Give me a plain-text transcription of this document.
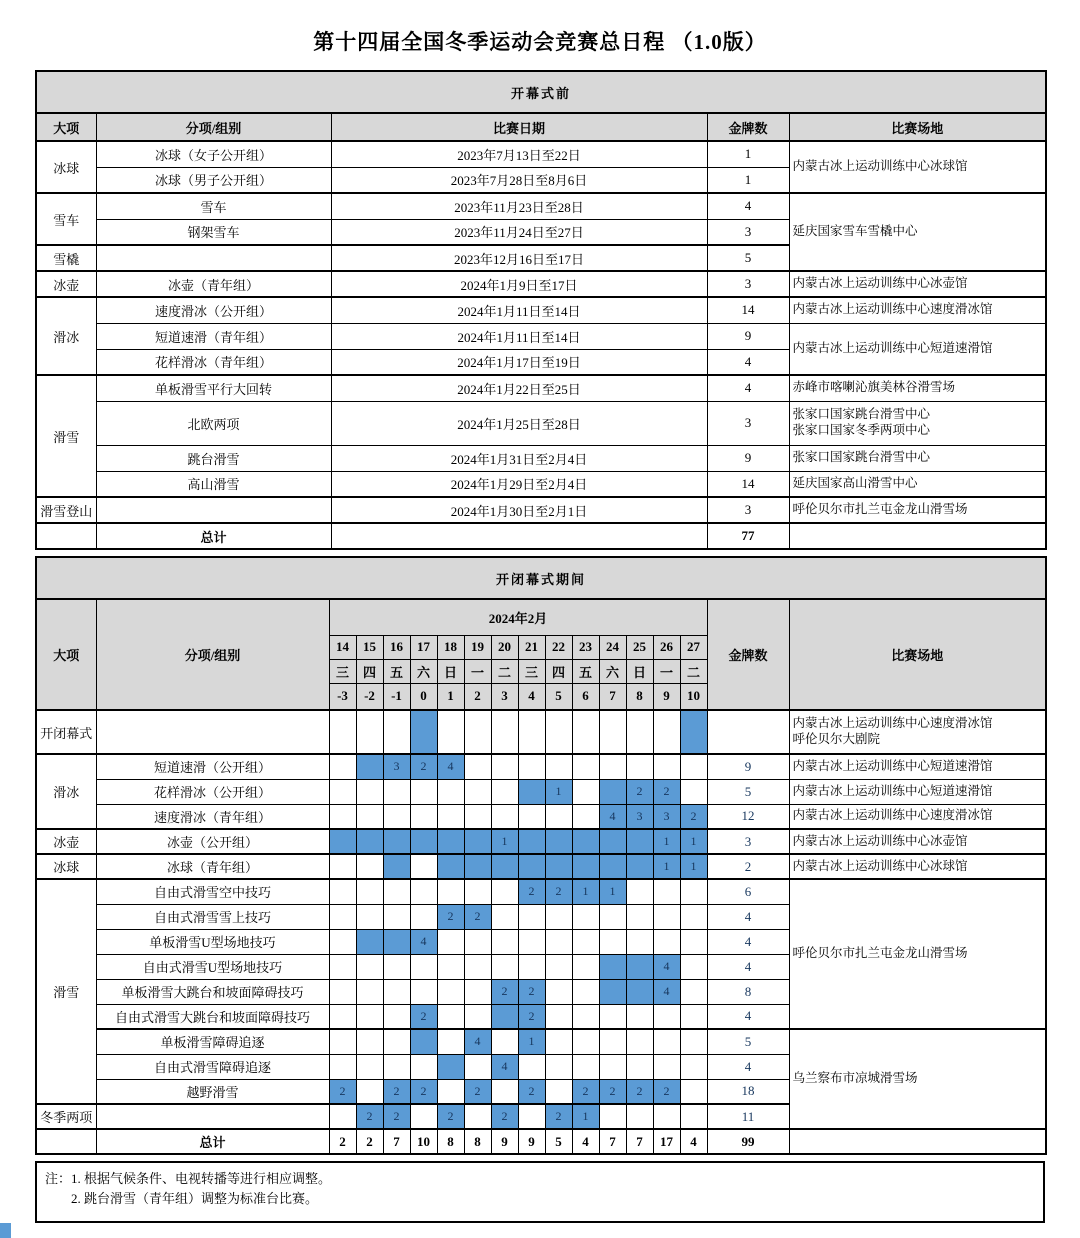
第十四届全国冬季运动会竞赛总日程 （1.0版）
开幕式前				
大项	分项/组别	比赛日期	金牌数	比赛场地
冰球	冰球（女子公开组）	2023年7月13日至22日	1	内蒙古冰上运动训练中心冰球馆
	冰球（男子公开组）	2023年7月28日至8月6日	1	
雪车	雪车	2023年11月23日至28日	4	延庆国家雪车雪橇中心
	钢架雪车	2023年11月24日至27日	3	
雪橇		2023年12月16日至17日	5	
冰壶	冰壶（青年组）	2024年1月9日至17日	3	内蒙古冰上运动训练中心冰壶馆
滑冰	速度滑冰（公开组）	2024年1月11日至14日	14	内蒙古冰上运动训练中心速度滑冰馆
	短道速滑（青年组）	2024年1月11日至14日	9	内蒙古冰上运动训练中心短道速滑馆
	花样滑冰（青年组）	2024年1月17日至19日	4	
滑雪	单板滑雪平行大回转	2024年1月22日至25日	4	赤峰市喀喇沁旗美林谷滑雪场
	北欧两项	2024年1月25日至28日	3	张家口国家跳台滑雪中心
张家口国家冬季两项中心

	跳台滑雪	2024年1月31日至2月4日	9	张家口国家跳台滑雪中心
	高山滑雪	2024年1月29日至2月4日	14	延庆国家高山滑雪中心
滑雪登山		2024年1月30日至2月1日	3	呼伦贝尔市扎兰屯金龙山滑雪场
	总计		77	
开闭幕式期间																	
大项	分项/组别	2024年2月														金牌数	比赛场地
		14	15	16	17	18	19	20	21	22	23	24	25	26	27		
		三	四	五	六	日	一	二	三	四	五	六	日	一	二		
		-3	-2	-1	0	1	2	3	4	5	6	7	8	9	10		
开闭幕式																	内蒙古冰上运动训练中心速度滑冰馆
呼伦贝尔大剧院

滑冰	短道速滑（公开组）			3	2	4										9	内蒙古冰上运动训练中心短道速滑馆
	花样滑冰（公开组）									1			2	2		5	内蒙古冰上运动训练中心短道速滑馆
	速度滑冰（青年组）											4	3	3	2	12	内蒙古冰上运动训练中心速度滑冰馆
冰壶	冰壶（公开组）							1						1	1	3	内蒙古冰上运动训练中心冰壶馆
冰球	冰球（青年组）													1	1	2	内蒙古冰上运动训练中心冰球馆
滑雪	自由式滑雪空中技巧								2	2	1	1				6	呼伦贝尔市扎兰屯金龙山滑雪场
	自由式滑雪雪上技巧					2	2									4	
	单板滑雪U型场地技巧				4											4	
	自由式滑雪U型场地技巧													4		4	
	单板滑雪大跳台和坡面障碍技巧							2	2					4		8	
	自由式滑雪大跳台和坡面障碍技巧				2				2							4	
	单板滑雪障碍追逐						4		1							5	乌兰察布市凉城滑雪场
	自由式滑雪障碍追逐							4								4	
	越野滑雪	2		2	2		2		2		2	2	2	2		18	
冬季两项			2	2		2		2		2	1					11	
	总计	2	2	7	10	8	8	9	9	5	4	7	7	17	4	99	
注：1. 根据气候条件、电视转播等进行相应调整。
2. 跳台滑雪（青年组）调整为标准台比赛。
